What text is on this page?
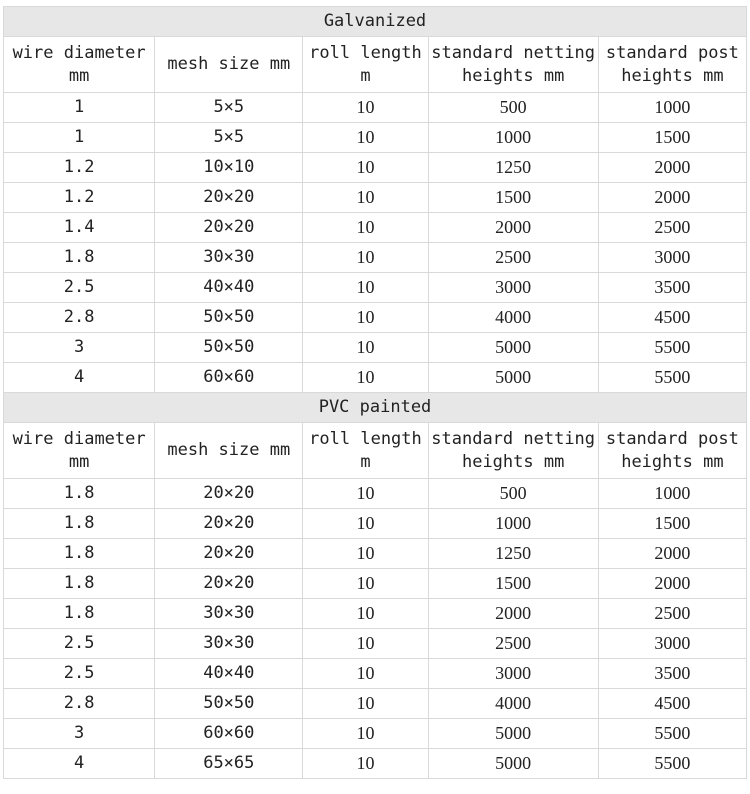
Galvanized				
wire diameter mm	mesh size mm	roll length m	standard netting heights mm	standard post heights mm
1	5×5	10	500	1000
1	5×5	10	1000	1500
1.2	10×10	10	1250	2000
1.2	20×20	10	1500	2000
1.4	20×20	10	2000	2500
1.8	30×30	10	2500	3000
2.5	40×40	10	3000	3500
2.8	50×50	10	4000	4500
3	50×50	10	5000	5500
4	60×60	10	5000	5500
PVC painted				
wire diameter mm	mesh size mm	roll length m	standard netting heights mm	standard post heights mm
1.8	20×20	10	500	1000
1.8	20×20	10	1000	1500
1.8	20×20	10	1250	2000
1.8	20×20	10	1500	2000
1.8	30×30	10	2000	2500
2.5	30×30	10	2500	3000
2.5	40×40	10	3000	3500
2.8	50×50	10	4000	4500
3	60×60	10	5000	5500
4	65×65	10	5000	5500
